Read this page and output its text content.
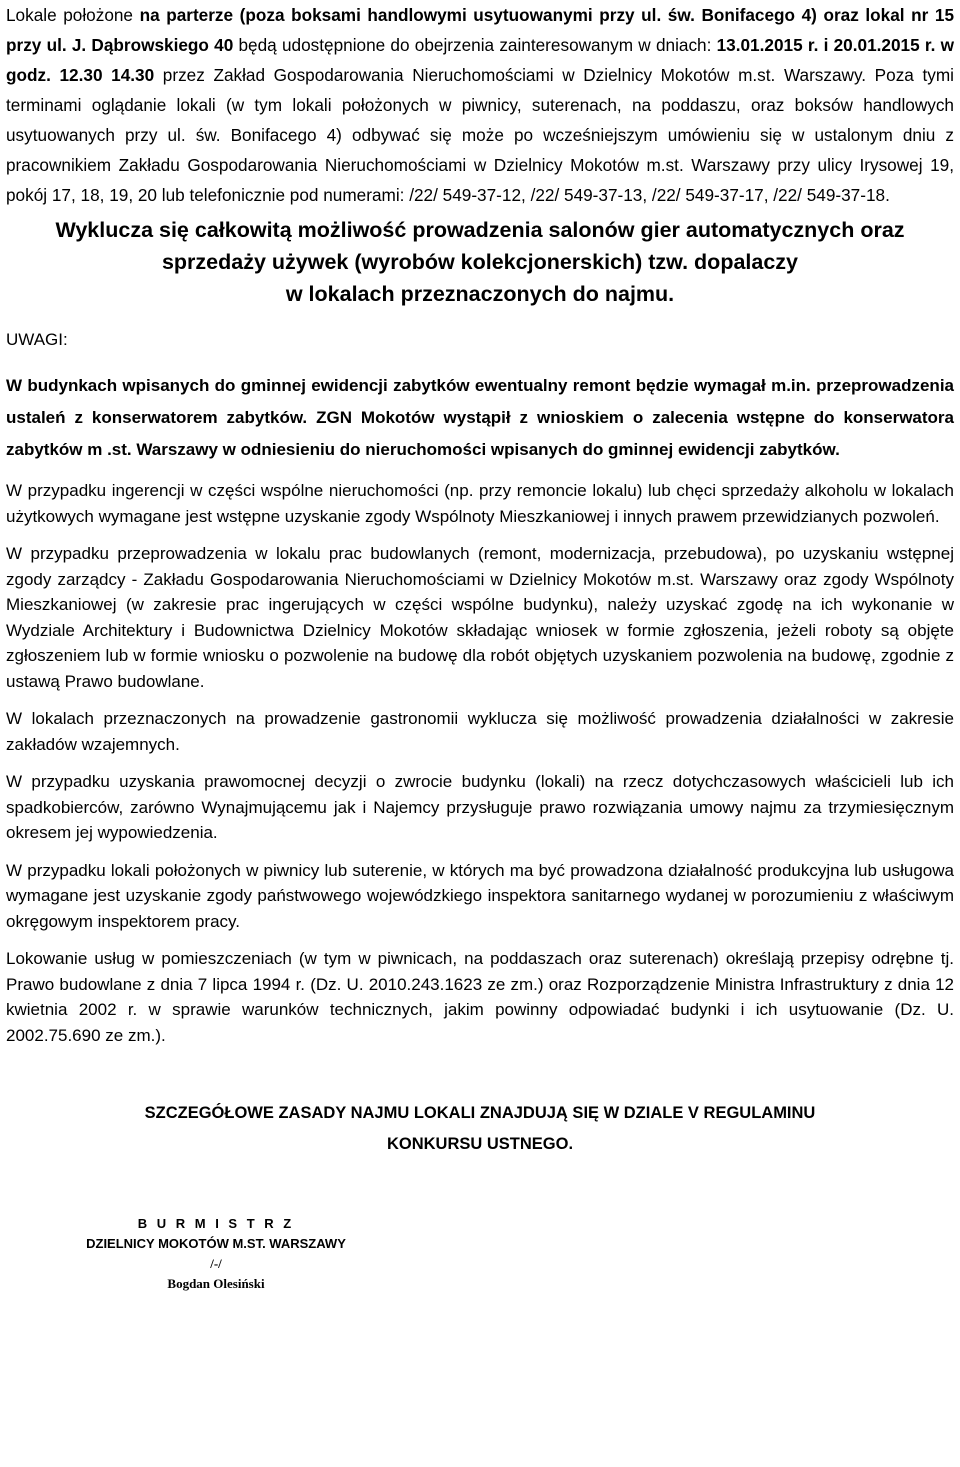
Lokale położone na parterze (poza boksami handlowymi usytuowanymi przy ul. św. Bonifacego 4) oraz lokal nr 15 przy ul. J. Dąbrowskiego 40 będą udostępnione do obejrzenia zainteresowanym w dniach: 13.01.2015 r. i 20.01.2015 r. w godz. 12.30 14.30 przez Zakład Gospodarowania Nieruchomościami w Dzielnicy Mokotów m.st. Warszawy. Poza tymi terminami oglądanie lokali (w tym lokali położonych w piwnicy, suterenach, na poddaszu, oraz boksów handlowych usytuowanych przy ul. św. Bonifacego 4) odbywać się może po wcześniejszym umówieniu się w ustalonym dniu z pracownikiem Zakładu Gospodarowania Nieruchomościami w Dzielnicy Mokotów m.st. Warszawy przy ulicy Irysowej 19, pokój 17, 18, 19, 20 lub telefonicznie pod numerami: /22/ 549-37-12, /22/ 549-37-13, /22/ 549-37-17, /22/ 549-37-18.

Wyklucza się całkowitą możliwość prowadzenia salonów gier automatycznych oraz
sprzedaży używek (wyrobów kolekcjonerskich) tzw. dopalaczy
w lokalach przeznaczonych do najmu.
UWAGI:

W budynkach wpisanych do gminnej ewidencji zabytków ewentualny remont będzie wymagał m.in. przeprowadzenia ustaleń z konserwatorem zabytków. ZGN Mokotów wystąpił z wnioskiem o zalecenia wstępne do konserwatora zabytków m .st. Warszawy w odniesieniu do nieruchomości wpisanych do gminnej ewidencji zabytków.

W przypadku ingerencji w części wspólne nieruchomości (np. przy remoncie lokalu) lub chęci sprzedaży alkoholu w lokalach użytkowych wymagane jest wstępne uzyskanie zgody Wspólnoty Mieszkaniowej i innych prawem przewidzianych pozwoleń.

W przypadku przeprowadzenia w lokalu prac budowlanych (remont, modernizacja, przebudowa), po uzyskaniu wstępnej zgody zarządcy - Zakładu Gospodarowania Nieruchomościami w Dzielnicy Mokotów m.st. Warszawy oraz zgody Wspólnoty Mieszkaniowej (w zakresie prac ingerujących w części wspólne budynku), należy uzyskać zgodę na ich wykonanie w Wydziale Architektury i Budownictwa Dzielnicy Mokotów składając wniosek w formie zgłoszenia, jeżeli roboty są objęte zgłoszeniem lub w formie wniosku o pozwolenie na budowę dla robót objętych uzyskaniem pozwolenia na budowę, zgodnie z ustawą Prawo budowlane.

W lokalach przeznaczonych na prowadzenie gastronomii wyklucza się możliwość prowadzenia działalności w zakresie zakładów wzajemnych.

W przypadku uzyskania prawomocnej decyzji o zwrocie budynku (lokali) na rzecz dotychczasowych właścicieli lub ich spadkobierców, zarówno Wynajmującemu jak i Najemcy przysługuje prawo rozwiązania umowy najmu za trzymiesięcznym okresem jej wypowiedzenia.

W przypadku lokali położonych w piwnicy lub suterenie, w których ma być prowadzona działalność produkcyjna lub usługowa wymagane jest uzyskanie zgody państwowego wojewódzkiego inspektora sanitarnego wydanej w porozumieniu z właściwym okręgowym inspektorem pracy.

Lokowanie usług w pomieszczeniach (w tym w piwnicach, na poddaszach oraz suterenach) określają przepisy odrębne tj. Prawo budowlane z dnia 7 lipca 1994 r. (Dz. U. 2010.243.1623 ze zm.) oraz Rozporządzenie Ministra Infrastruktury z dnia 12 kwietnia 2002 r. w sprawie warunków technicznych, jakim powinny odpowiadać budynki i ich usytuowanie (Dz. U. 2002.75.690 ze zm.).

SZCZEGÓŁOWE ZASADY NAJMU LOKALI ZNAJDUJĄ SIĘ W DZIALE V REGULAMINU
KONKURSU USTNEGO.
B U R M I S T R Z
DZIELNICY MOKOTÓW M.ST. WARSZAWY
/-/
Bogdan Olesiński
